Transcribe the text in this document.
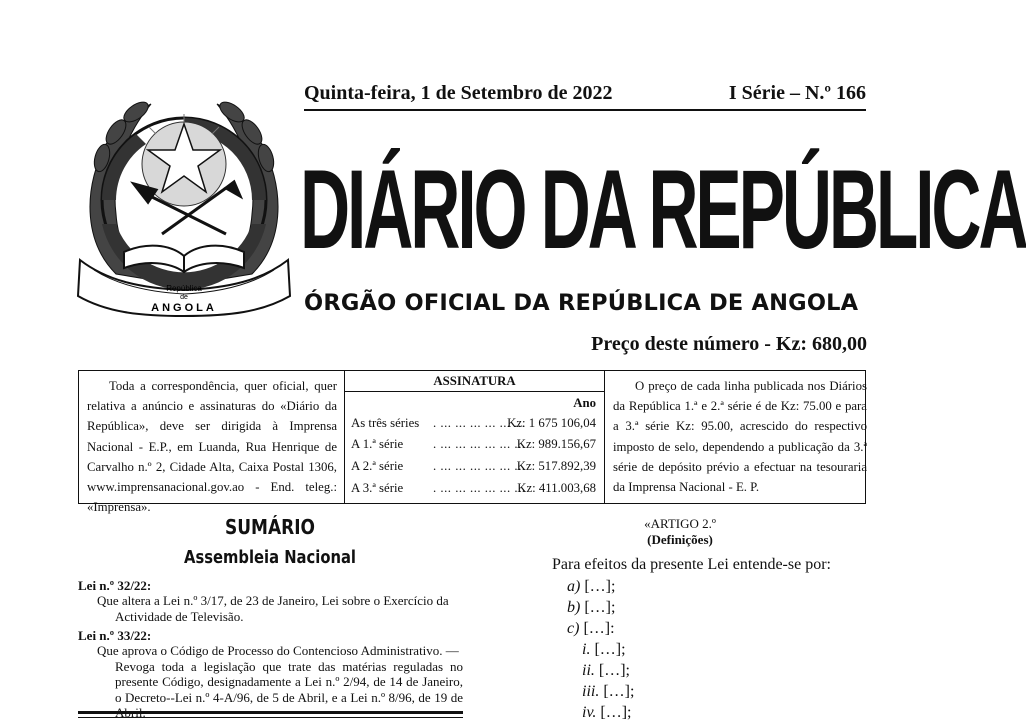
República
de
ANGOLA
Quinta-feira, 1 de Setembro de 2022	I Série – N.º 166
DIÁRIO DA REPÚBLICA
ÓRGÃO OFICIAL DA REPÚBLICA DE ANGOLA
Preço deste número - Kz: 680,00
Toda a correspondência, quer oficial, quer relativa a anúncio e assinaturas do «Diário da República», deve ser dirigida à Imprensa Nacional - E.P., em Luanda, Rua Henrique de Carvalho n.º 2, Cidade Alta, Caixa Postal 1306, www.imprensanacional.gov.ao - End. teleg.: «Imprensa».
ASSINATURA
Ano
As três séries . ... ... ... ... ... ...
Kz: 1 675 106,04
A 1.ª série . ... ... ... ... ... ...
Kz: 989.156,67
A 2.ª série . ... ... ... ... ... ...
Kz: 517.892,39
A 3.ª série . ... ... ... ... ... ...
Kz: 411.003,68
O preço de cada linha publicada nos Diários da República 1.ª e 2.ª série é de Kz: 75.00 e para a 3.ª série Kz: 95.00, acrescido do respectivo imposto de selo, dependendo a publicação da 3.ª série de depósito prévio a efectuar na tesouraria da Imprensa Nacional - E. P.
SUMÁRIO
Assembleia Nacional
Lei n.º 32/22:
Que altera a Lei n.º 3/17, de 23 de Janeiro, Lei sobre o Exercício da
Actividade de Televisão.
Lei n.º 33/22:
Que aprova o Código de Processo do Contencioso Administrativo. —
Revoga toda a legislação que trate das matérias reguladas no presente Código, designadamente a Lei n.º 2/94, de 14 de Janeiro, o Decreto--Lei n.º 4-A/96, de 5 de Abril, e a Lei n.º 8/96, de 19 de Abril.
«ARTIGO 2.º
(Definições)
Para efeitos da presente Lei entende-se por:
a) […];
b) […];
c) […]:
i. […];
ii. […];
iii. […];
iv. […];
